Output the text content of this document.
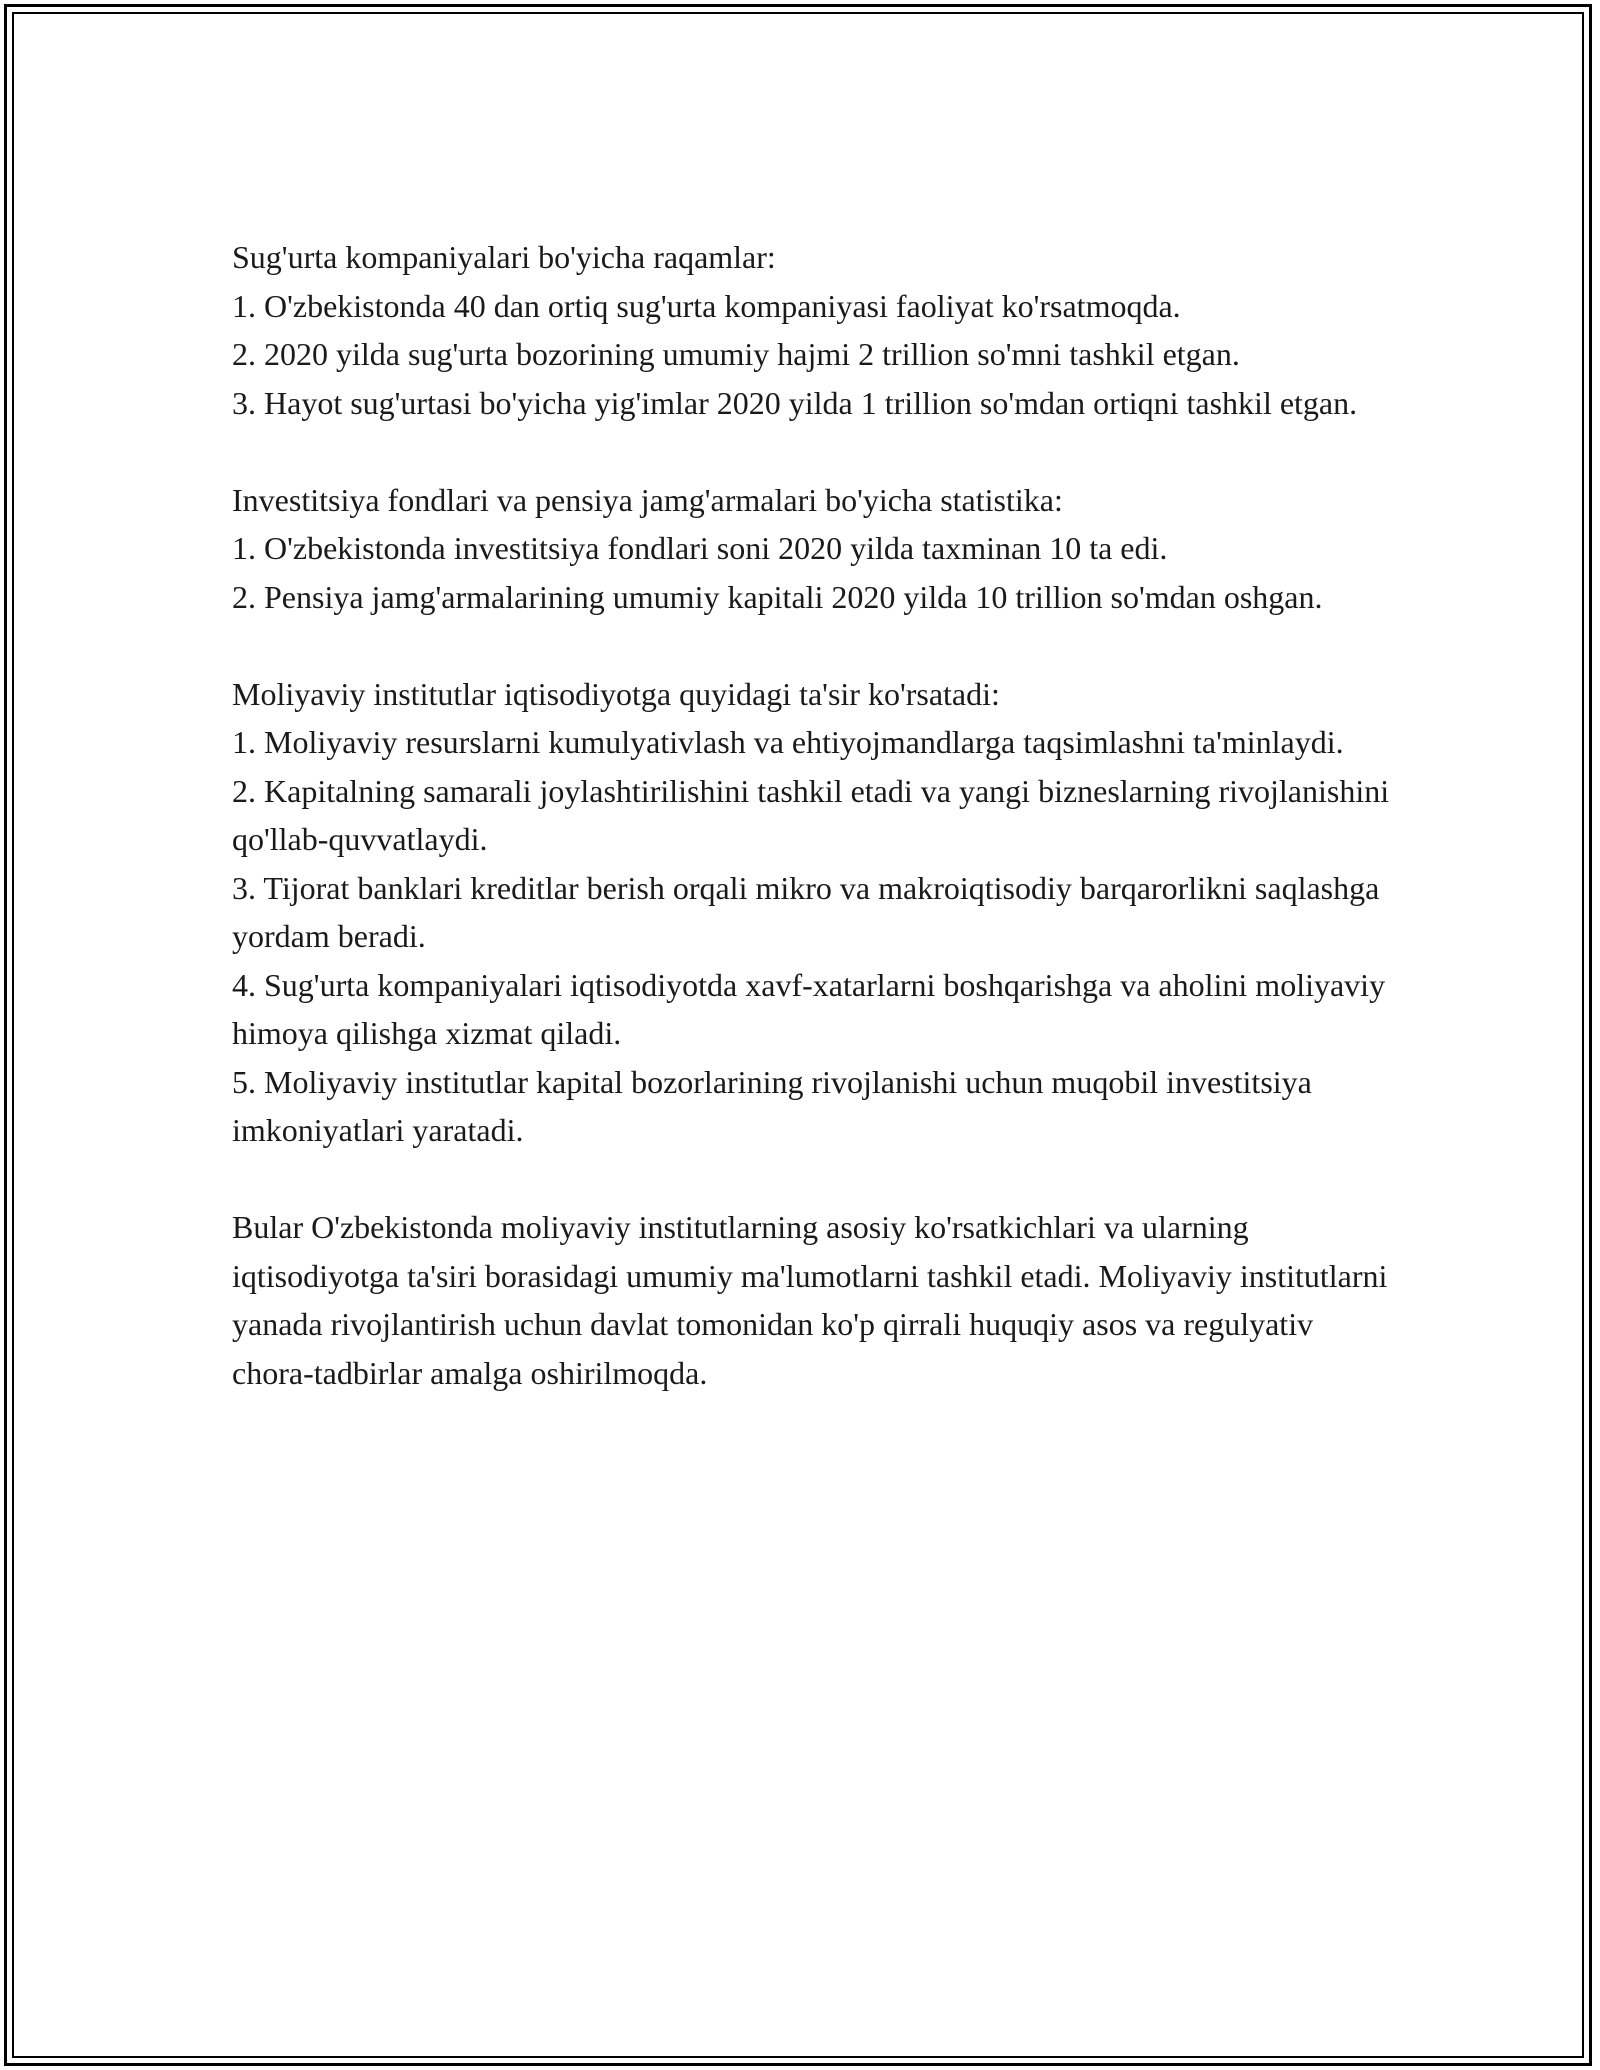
Sug'urta kompaniyalari bo'yicha raqamlar:

1. O'zbekistonda 40 dan ortiq sug'urta kompaniyasi faoliyat ko'rsatmoqda.

2. 2020 yilda sug'urta bozorining umumiy hajmi 2 trillion so'mni tashkil etgan.

3. Hayot sug'urtasi bo'yicha yig'imlar 2020 yilda 1 trillion so'mdan ortiqni tashkil etgan.

Investitsiya fondlari va pensiya jamg'armalari bo'yicha statistika:

1. O'zbekistonda investitsiya fondlari soni 2020 yilda taxminan 10 ta edi.

2. Pensiya jamg'armalarining umumiy kapitali 2020 yilda 10 trillion so'mdan oshgan.

Moliyaviy institutlar iqtisodiyotga quyidagi ta'sir ko'rsatadi:

1. Moliyaviy resurslarni kumulyativlash va ehtiyojmandlarga taqsimlashni ta'minlaydi.

2. Kapitalning samarali joylashtirilishini tashkil etadi va yangi bizneslarning rivojlanishini qo'llab-quvvatlaydi.

3. Tijorat banklari kreditlar berish orqali mikro va makroiqtisodiy barqarorlikni saqlashga yordam beradi.

4. Sug'urta kompaniyalari iqtisodiyotda xavf-xatarlarni boshqarishga va aholini moliyaviy himoya qilishga xizmat qiladi.

5. Moliyaviy institutlar kapital bozorlarining rivojlanishi uchun muqobil investitsiya imkoniyatlari yaratadi.

Bular O'zbekistonda moliyaviy institutlarning asosiy ko'rsatkichlari va ularning iqtisodiyotga ta'siri borasidagi umumiy ma'lumotlarni tashkil etadi. Moliyaviy institutlarni yanada rivojlantirish uchun davlat tomonidan ko'p qirrali huquqiy asos va regulyativ chora-tadbirlar amalga oshirilmoqda.
